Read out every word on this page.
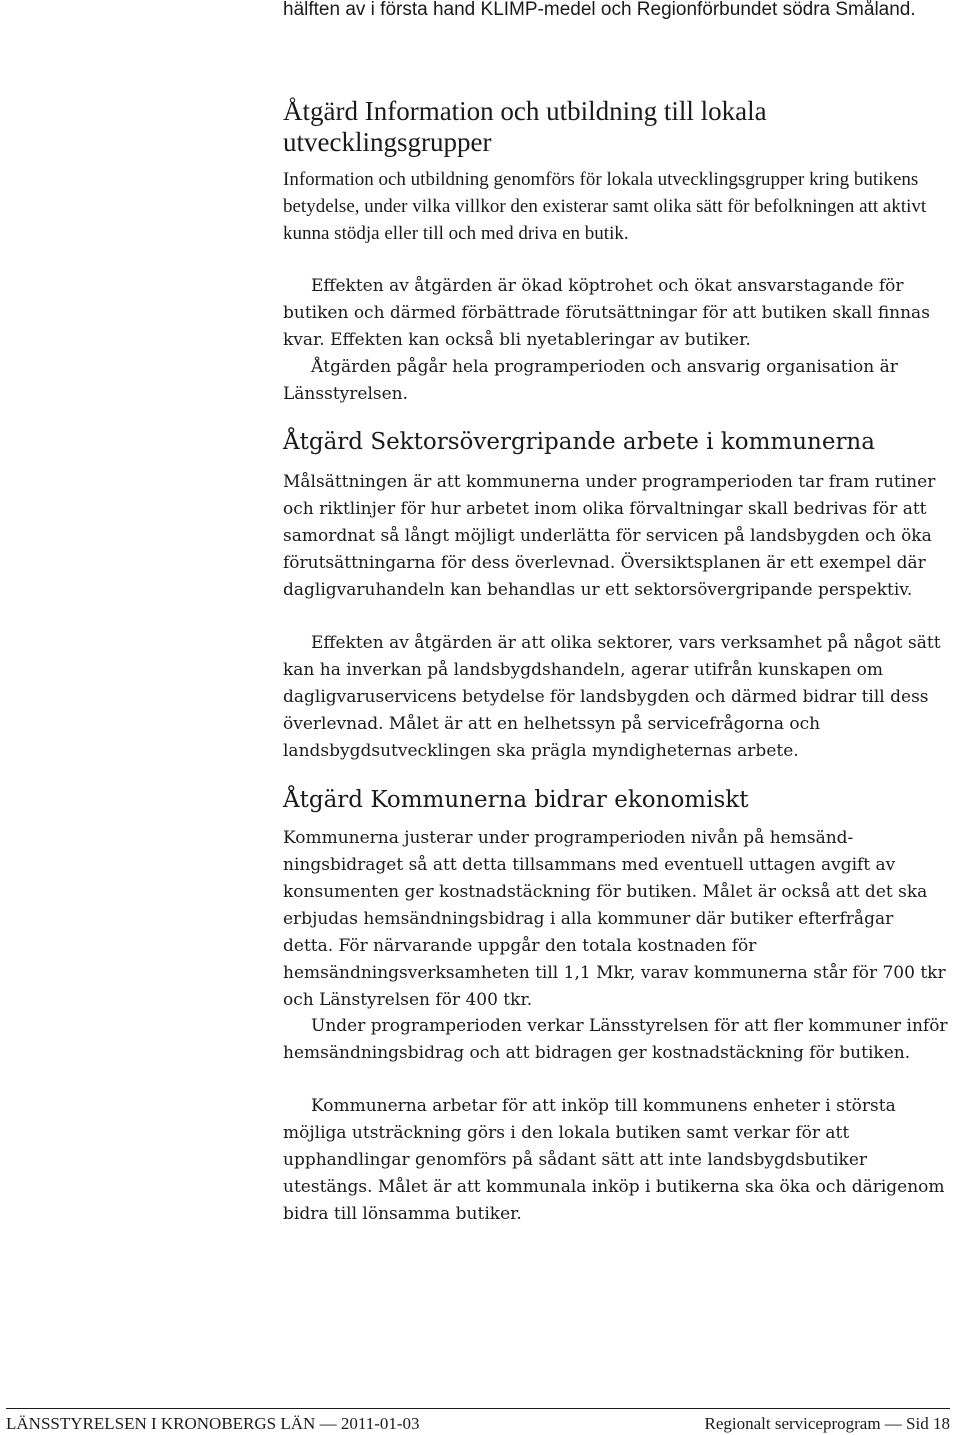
hälften av i första hand KLIMP-medel och Regionförbundet södra Småland.

Åtgärd Information och utbildning till lokala utvecklingsgrupper

Information och utbildning genomförs för lokala utvecklingsgrupper kring butikens betydelse, under vilka villkor den existerar samt olika sätt för befolkningen att aktivt kunna stödja eller till och med driva en butik.

Effekten av åtgärden är ökad köptrohet och ökat ansvarstagande för butiken och därmed förbättrade förutsättningar för att butiken skall finnas kvar. Effekten kan också bli nyetableringar av butiker.

Åtgärden pågår hela programperioden och ansvarig organisation är Länsstyrelsen.

Åtgärd Sektorsövergripande arbete i kommunerna

Målsättningen är att kommunerna under programperioden tar fram rutiner och riktlinjer för hur arbetet inom olika förvaltningar skall bedrivas för att samordnat så långt möjligt underlätta för servicen på landsbygden och öka förutsättningarna för dess överlevnad. Översiktsplanen är ett exempel där dagligvaruhandeln kan behandlas ur ett sektorsövergripande perspektiv.

Effekten av åtgärden är att olika sektorer, vars verksamhet på något sätt kan ha inverkan på landsbygdshandeln, agerar utifrån kunskapen om dagligvaruservicens betydelse för landsbygden och därmed bidrar till dess överlevnad. Målet är att en helhetssyn på servicefrågorna och landsbygdsutvecklingen ska prägla myndigheternas arbete.

Åtgärd Kommunerna bidrar ekonomiskt

Kommunerna justerar under programperioden nivån på hemsänd-ningsbidraget så att detta tillsammans med eventuell uttagen avgift av konsumenten ger kostnadstäckning för butiken. Målet är också att det ska erbjudas hemsändningsbidrag i alla kommuner där butiker efterfrågar detta. För närvarande uppgår den totala kostnaden för hemsändningsverksamheten till 1,1 Mkr, varav kommunerna står för 700 tkr och Länstyrelsen för 400 tkr.

Under programperioden verkar Länsstyrelsen för att fler kommuner inför hemsändningsbidrag och att bidragen ger kostnadstäckning för butiken.

Kommunerna arbetar för att inköp till kommunens enheter i största möjliga utsträckning görs i den lokala butiken samt verkar för att upphandlingar genomförs på sådant sätt att inte landsbygdsbutiker utestängs. Målet är att kommunala inköp i butikerna ska öka och därigenom bidra till lönsamma butiker.

LÄNSSTYRELSEN I KRONOBERGS LÄN — 2011-01-03	Regionalt serviceprogram — Sid 18
